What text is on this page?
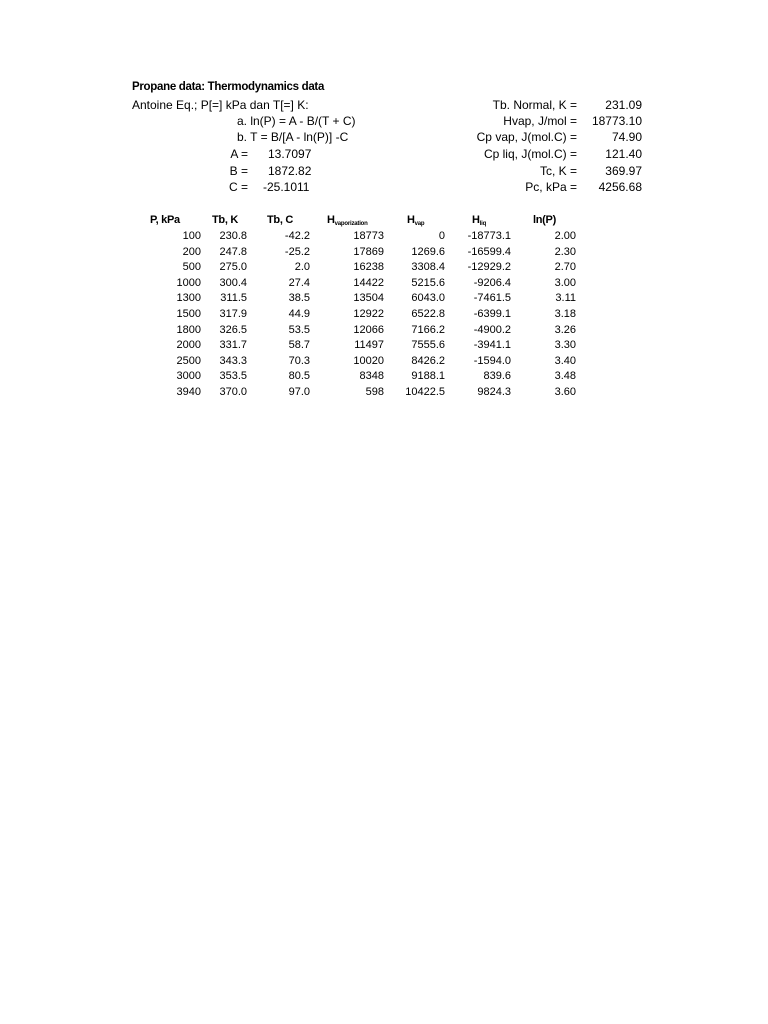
Propane data: Thermodynamics data
Antoine Eq.; P[=] kPa dan T[=] K:
a. ln(P) = A - B/(T + C)
b. T = B/[A - ln(P)] -C
A = 13.7097
B = 1872.82
C = -25.1011
Tb. Normal, K =	231.09
Hvap, J/mol =	18773.10
Cp vap, J(mol.C) =	74.90
Cp liq, J(mol.C) =	121.40
Tc, K =	369.97
Pc, kPa =	4256.68
P, kPa	Tb, K	Tb, C	$H_{vaporization}$	$H_{vap}$	$H_{liq}$	ln(P)
100	230.8	-42.2	18773	0	-18773.1	2.00
200	247.8	-25.2	17869	1269.6	-16599.4	2.30
500	275.0	2.0	16238	3308.4	-12929.2	2.70
1000	300.4	27.4	14422	5215.6	-9206.4	3.00
1300	311.5	38.5	13504	6043.0	-7461.5	3.11
1500	317.9	44.9	12922	6522.8	-6399.1	3.18
1800	326.5	53.5	12066	7166.2	-4900.2	3.26
2000	331.7	58.7	11497	7555.6	-3941.1	3.30
2500	343.3	70.3	10020	8426.2	-1594.0	3.40
3000	353.5	80.5	8348	9188.1	839.6	3.48
3940	370.0	97.0	598	10422.5	9824.3	3.60
